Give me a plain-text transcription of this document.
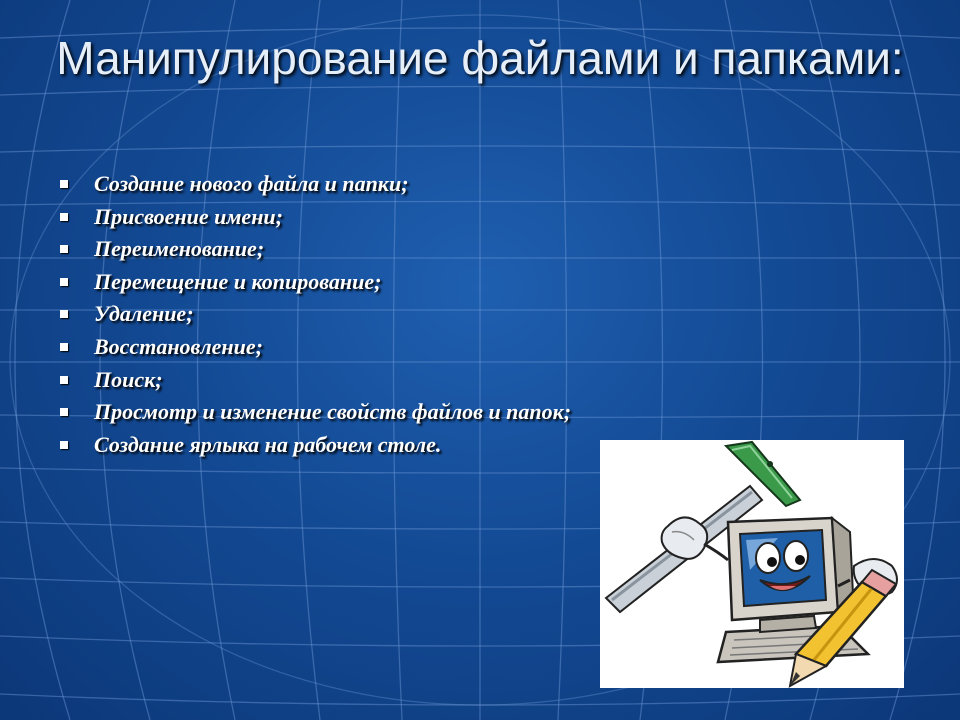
Манипулирование файлами и папками:
Создание нового файла и папки;
Присвоение имени;
Переименование;
Перемещение и копирование;
Удаление;
Восстановление;
Поиск;
Просмотр и изменение свойств файлов и папок;
Создание ярлыка на рабочем столе.
